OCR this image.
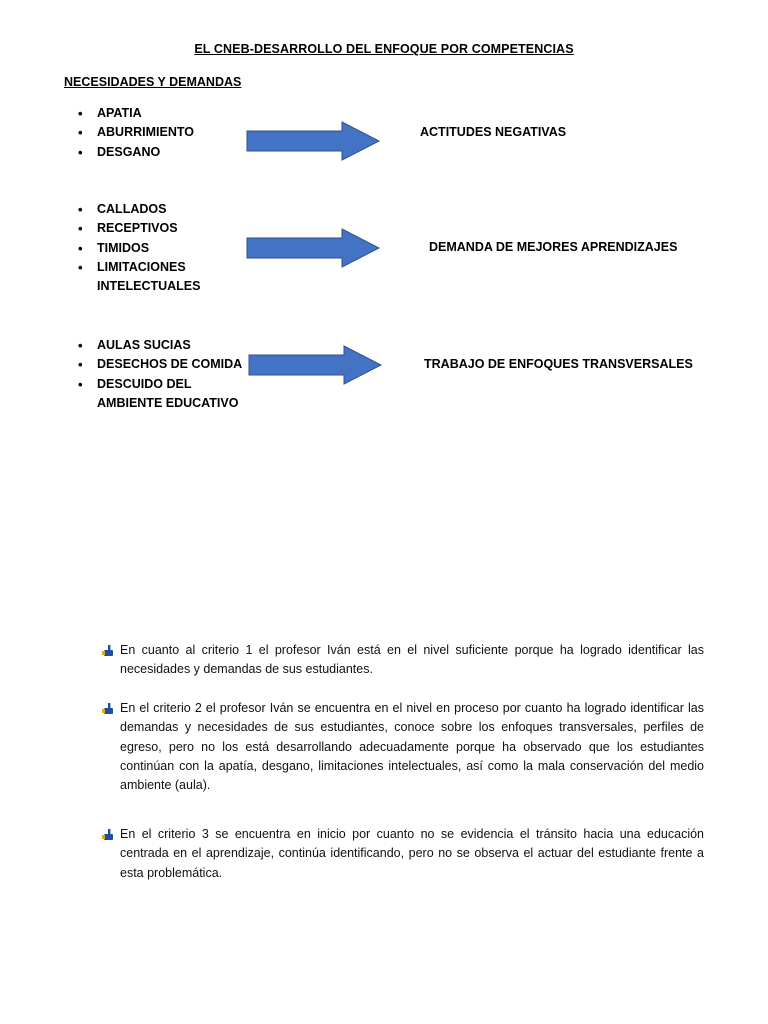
EL CNEB-DESARROLLO DEL ENFOQUE POR COMPETENCIAS
NECESIDADES Y DEMANDAS
• APATIA
• ABURRIMIENTO
• DESGANO
ACTITUDES NEGATIVAS
• CALLADOS
• RECEPTIVOS
• TIMIDOS
• LIMITACIONES
INTELECTUALES
DEMANDA DE MEJORES APRENDIZAJES
• AULAS SUCIAS
• DESECHOS DE COMIDA
• DESCUIDO DEL
AMBIENTE EDUCATIVO
TRABAJO DE ENFOQUES TRANSVERSALES
En cuanto al criterio 1 el profesor Iván está en el nivel suficiente porque ha logrado identificar las necesidades y demandas de sus estudiantes.
En el criterio 2 el profesor Iván se encuentra en el nivel en proceso por cuanto ha logrado identificar las demandas y necesidades de sus estudiantes, conoce sobre los enfoques transversales, perfiles de egreso, pero no los está desarrollando adecuadamente porque ha observado que los estudiantes continúan con la apatía, desgano, limitaciones intelectuales, así como la mala conservación del medio ambiente (aula).
En el criterio 3 se encuentra en inicio por cuanto no se evidencia el tránsito hacia una educación centrada en el aprendizaje, continúa identificando, pero no se observa el actuar del estudiante frente a esta problemática.
